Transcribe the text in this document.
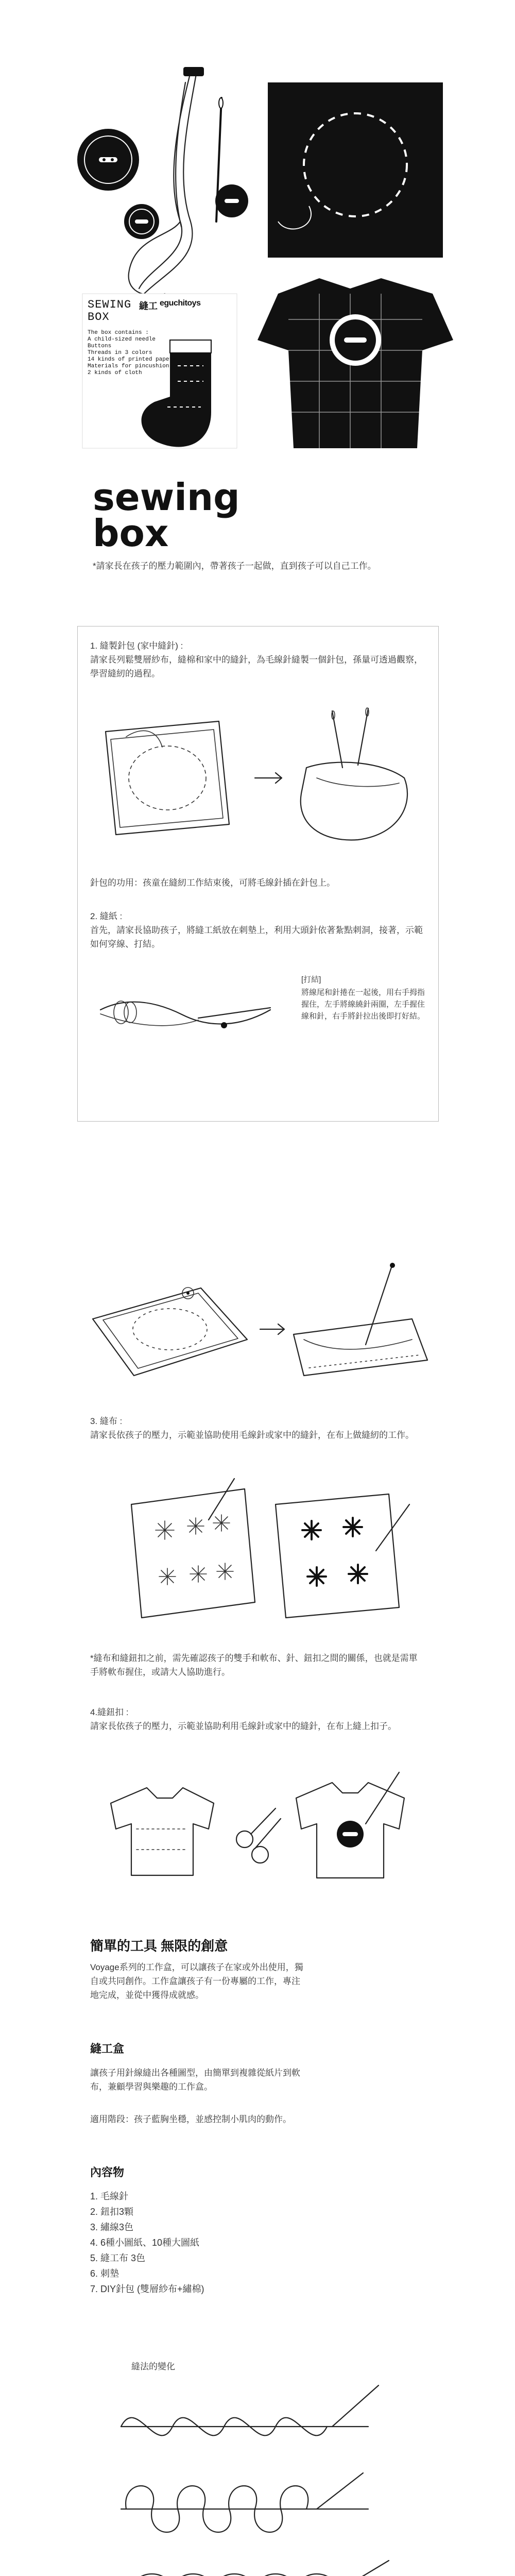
SEWING
BOX
縫工 eguchitoys
The box contains :
A child-sized needle
Buttons
Threads in 3 colors
14 kinds of printed papers
Materials for pincushion
2 kinds of cloth
sewing
box
*請家長在孩子的壓力範圍內，帶著孩子一起做，直到孩子可以自己工作。
1. 縫製針包 (家中縫針) :
請家長列鬆雙層紗布，縫棉和家中的縫針，為毛線針縫製一個針包，孫量可透過觀察，學習縫紉的過程。
針包的功用：孩童在縫紉工作結束後，可將毛線針插在針包上。
2. 縫紙 :
首先，請家長協助孩子，將縫工紙放在刺墊上，利用大頭針依著紮點刺洞，接著，示範如何穿線、打結。
[打結]
將線尾和針捲在一起後，用右手拇指握住，左手將線繞針兩圈，左手握住線和針，右手將針拉出後即打好結。
3. 縫布 :
請家長依孩子的壓力，示範並協助使用毛線針或家中的縫針，在布上做縫紉的工作。
*縫布和縫鈕扣之前，需先確認孩子的雙手和軟布、針、鈕扣之間的關係，也就是需單手將軟布握住，或請大人協助進行。
4.縫鈕扣 :
請家長依孩子的壓力，示範並協助利用毛線針或家中的縫針，在布上縫上扣子。
簡單的工具 無限的創意
Voyage系列的工作盒，可以讓孩子在家或外出使用，獨自或共同創作。工作盒讓孩子有一份專屬的工作，專注地完成，並從中獲得成就感。
縫工盒
讓孩子用針線縫出各種圖型，由簡單到複雜從紙片到軟布，兼顧學習與樂趣的工作盒。
適用階段：孩子藍胸坐穩，並感控制小肌肉的動作。
內容物
1. 毛線針
2. 鈕扣3顆
3. 繡線3色
4. 6種小圖紙、10種大圖紙
5. 縫工布 3色
6. 刺墊
7. DIY針包 (雙層紗布+繡棉)
縫法的變化
